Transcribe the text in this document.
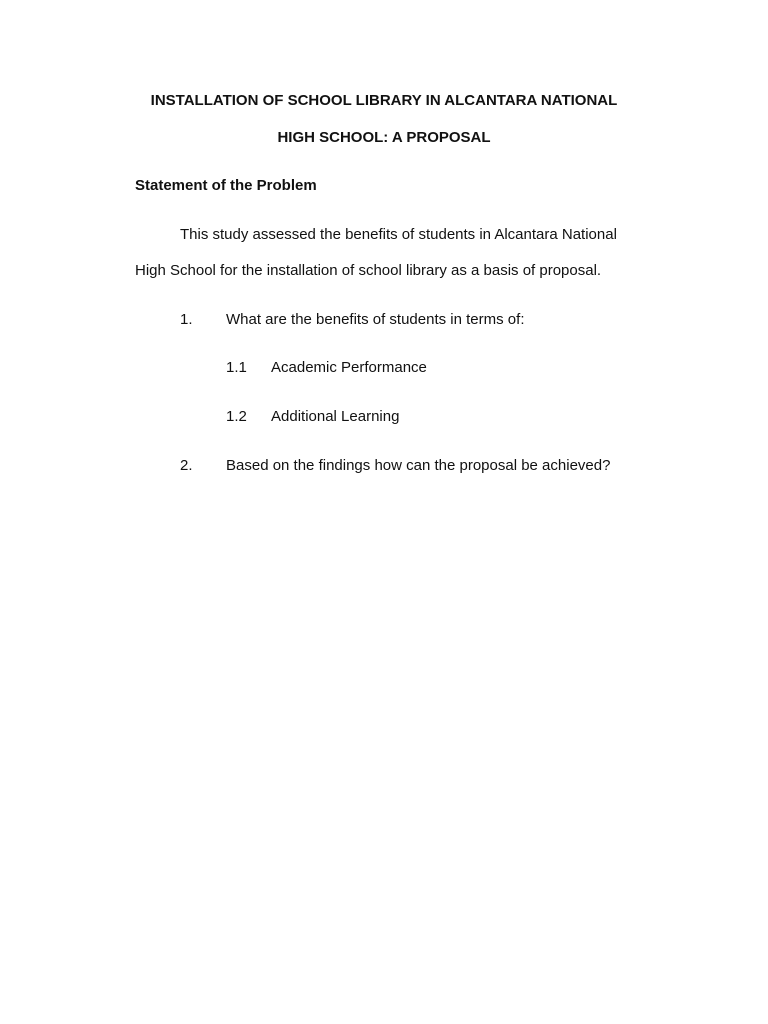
INSTALLATION OF SCHOOL LIBRARY IN ALCANTARA NATIONAL
HIGH SCHOOL: A PROPOSAL
Statement of the Problem
This study assessed the benefits of students in Alcantara National
High School for the installation of school library as a basis of proposal.
1. What are the benefits of students in terms of:
1.1 Academic Performance
1.2 Additional Learning
2. Based on the findings how can the proposal be achieved?
